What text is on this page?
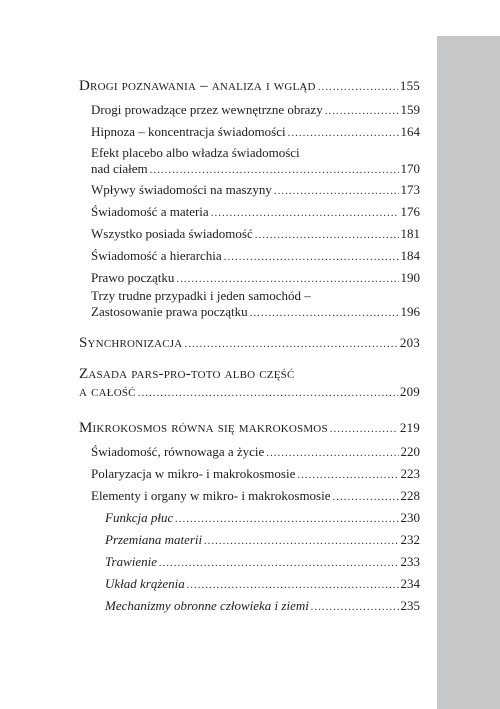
Drogi poznawania – analiza i wgląd .....	155
Drogi prowadzące przez wewnętrzne obrazy .....	159
Hipnoza – koncentracja świadomości .....	164
Efekt placebo albo władza świadomości
nad ciałem .....	170
Wpływy świadomości na maszyny .....	173
Świadomość a materia .....	176
Wszystko posiada świadomość .....	181
Świadomość a hierarchia .....	184
Prawo początku .....	190
Trzy trudne przypadki i jeden samochód –
Zastosowanie prawa początku .....	196
Synchronizacja .....	203
Zasada pars-pro-toto albo część
a całość .....	209
Mikrokosmos równa się makrokosmos .....	219
Świadomość, równowaga a życie .....	220
Polaryzacja w mikro- i makrokosmosie .....	223
Elementy i organy w mikro- i makrokosmosie .....	228
Funkcja płuc .....	230
Przemiana materii .....	232
Trawienie .....	233
Układ krążenia .....	234
Mechanizmy obronne człowieka i ziemi .....	235
